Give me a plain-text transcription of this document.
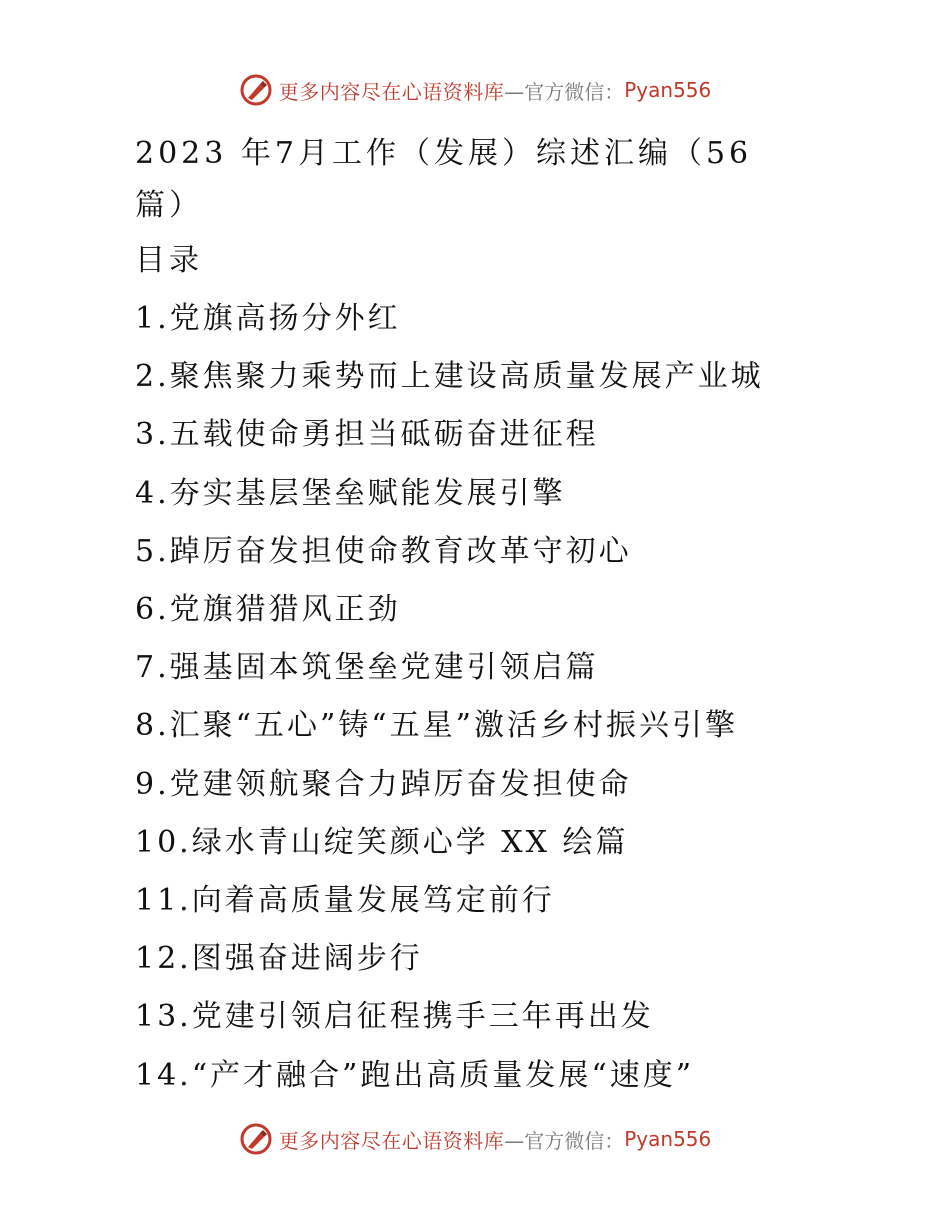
更多内容尽在心语资料库 —官方微信： Pyan556
2023 年7月工作（发展）综述汇编（56篇）
目录
1.党旗高扬分外红
2.聚焦聚力乘势而上建设高质量发展产业城
3.五载使命勇担当砥砺奋进征程
4.夯实基层堡垒赋能发展引擎
5.踔厉奋发担使命教育改革守初心
6.党旗猎猎风正劲
7.强基固本筑堡垒党建引领启篇
8.汇聚“五心”铸“五星”激活乡村振兴引擎
9.党建领航聚合力踔厉奋发担使命
10.绿水青山绽笑颜心学 XX 绘篇
11.向着高质量发展笃定前行
12.图强奋进阔步行
13.党建引领启征程携手三年再出发
14.“产才融合”跑出高质量发展“速度”
更多内容尽在心语资料库 —官方微信： Pyan556
